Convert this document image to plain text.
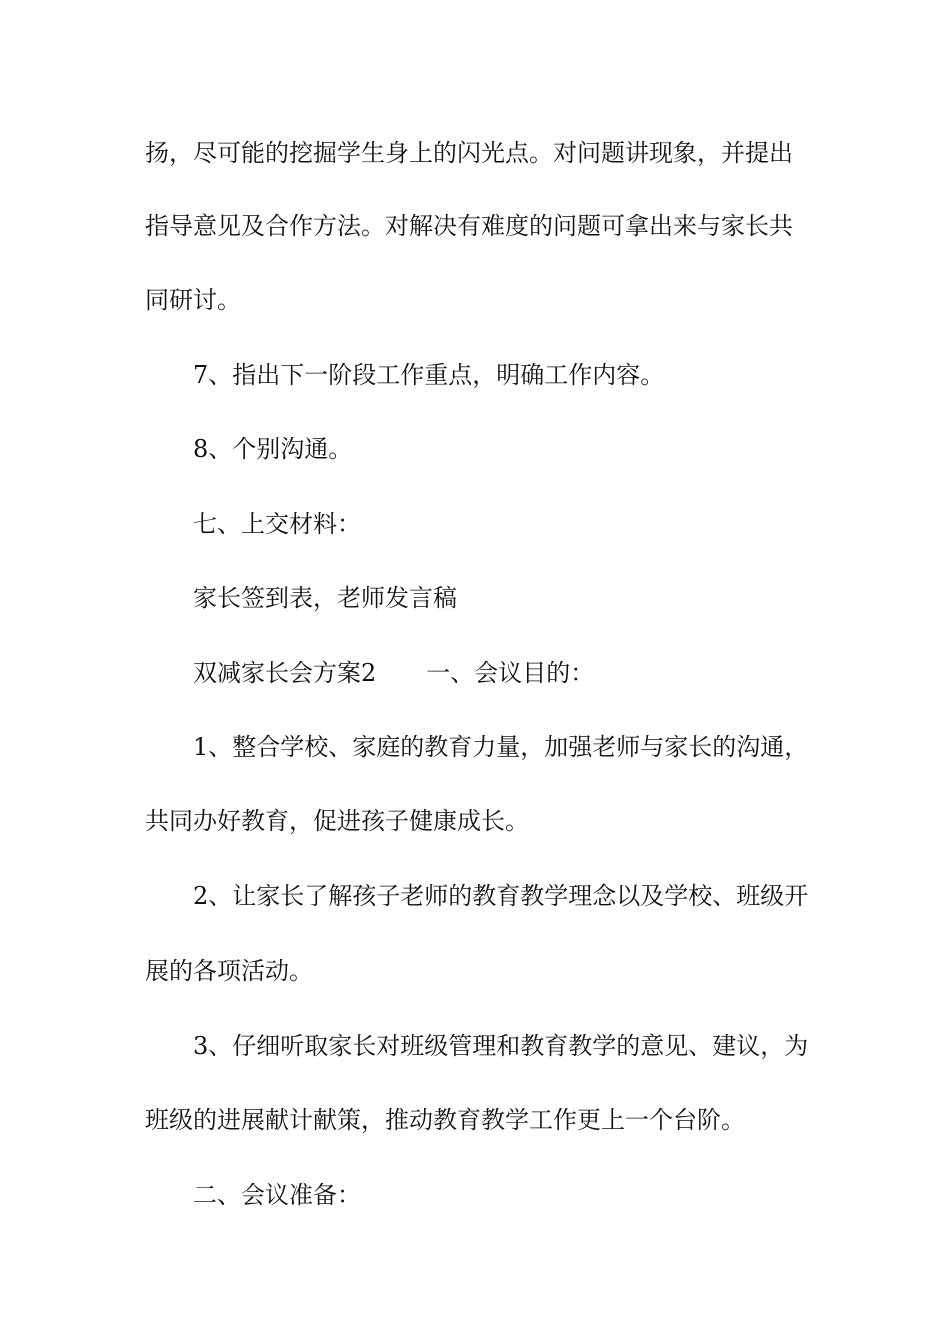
扬，尽可能的挖掘学生身上的闪光点。对问题讲现象，并提出

指导意见及合作方法。对解决有难度的问题可拿出来与家长共

同研讨。

7、指出下一阶段工作重点，明确工作内容。

8、个别沟通。

七、上交材料：

家长签到表，老师发言稿

双减家长会方案2 一、会议目的：

1、整合学校、家庭的教育力量，加强老师与家长的沟通，

共同办好教育，促进孩子健康成长。

2、让家长了解孩子老师的教育教学理念以及学校、班级开

展的各项活动。

3、仔细听取家长对班级管理和教育教学的意见、建议，为

班级的进展献计献策，推动教育教学工作更上一个台阶。

二、会议准备：
